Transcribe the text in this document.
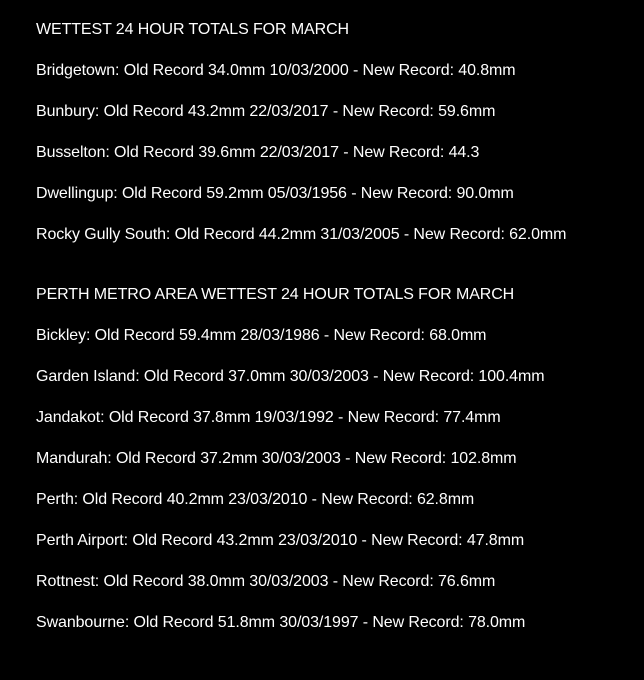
WETTEST 24 HOUR TOTALS FOR MARCH
Bridgetown: Old Record 34.0mm 10/03/2000 - New Record: 40.8mm
Bunbury: Old Record 43.2mm 22/03/2017 - New Record: 59.6mm
Busselton: Old Record 39.6mm 22/03/2017 - New Record: 44.3
Dwellingup: Old Record 59.2mm 05/03/1956 - New Record: 90.0mm
Rocky Gully South: Old Record 44.2mm 31/03/2005 - New Record: 62.0mm
PERTH METRO AREA WETTEST 24 HOUR TOTALS FOR MARCH
Bickley: Old Record 59.4mm 28/03/1986 - New Record: 68.0mm
Garden Island: Old Record 37.0mm 30/03/2003 - New Record: 100.4mm
Jandakot: Old Record 37.8mm 19/03/1992 - New Record: 77.4mm
Mandurah: Old Record 37.2mm 30/03/2003 - New Record: 102.8mm
Perth: Old Record 40.2mm 23/03/2010 - New Record: 62.8mm
Perth Airport: Old Record 43.2mm 23/03/2010 - New Record: 47.8mm
Rottnest: Old Record 38.0mm 30/03/2003 - New Record: 76.6mm
Swanbourne: Old Record 51.8mm 30/03/1997 - New Record: 78.0mm
